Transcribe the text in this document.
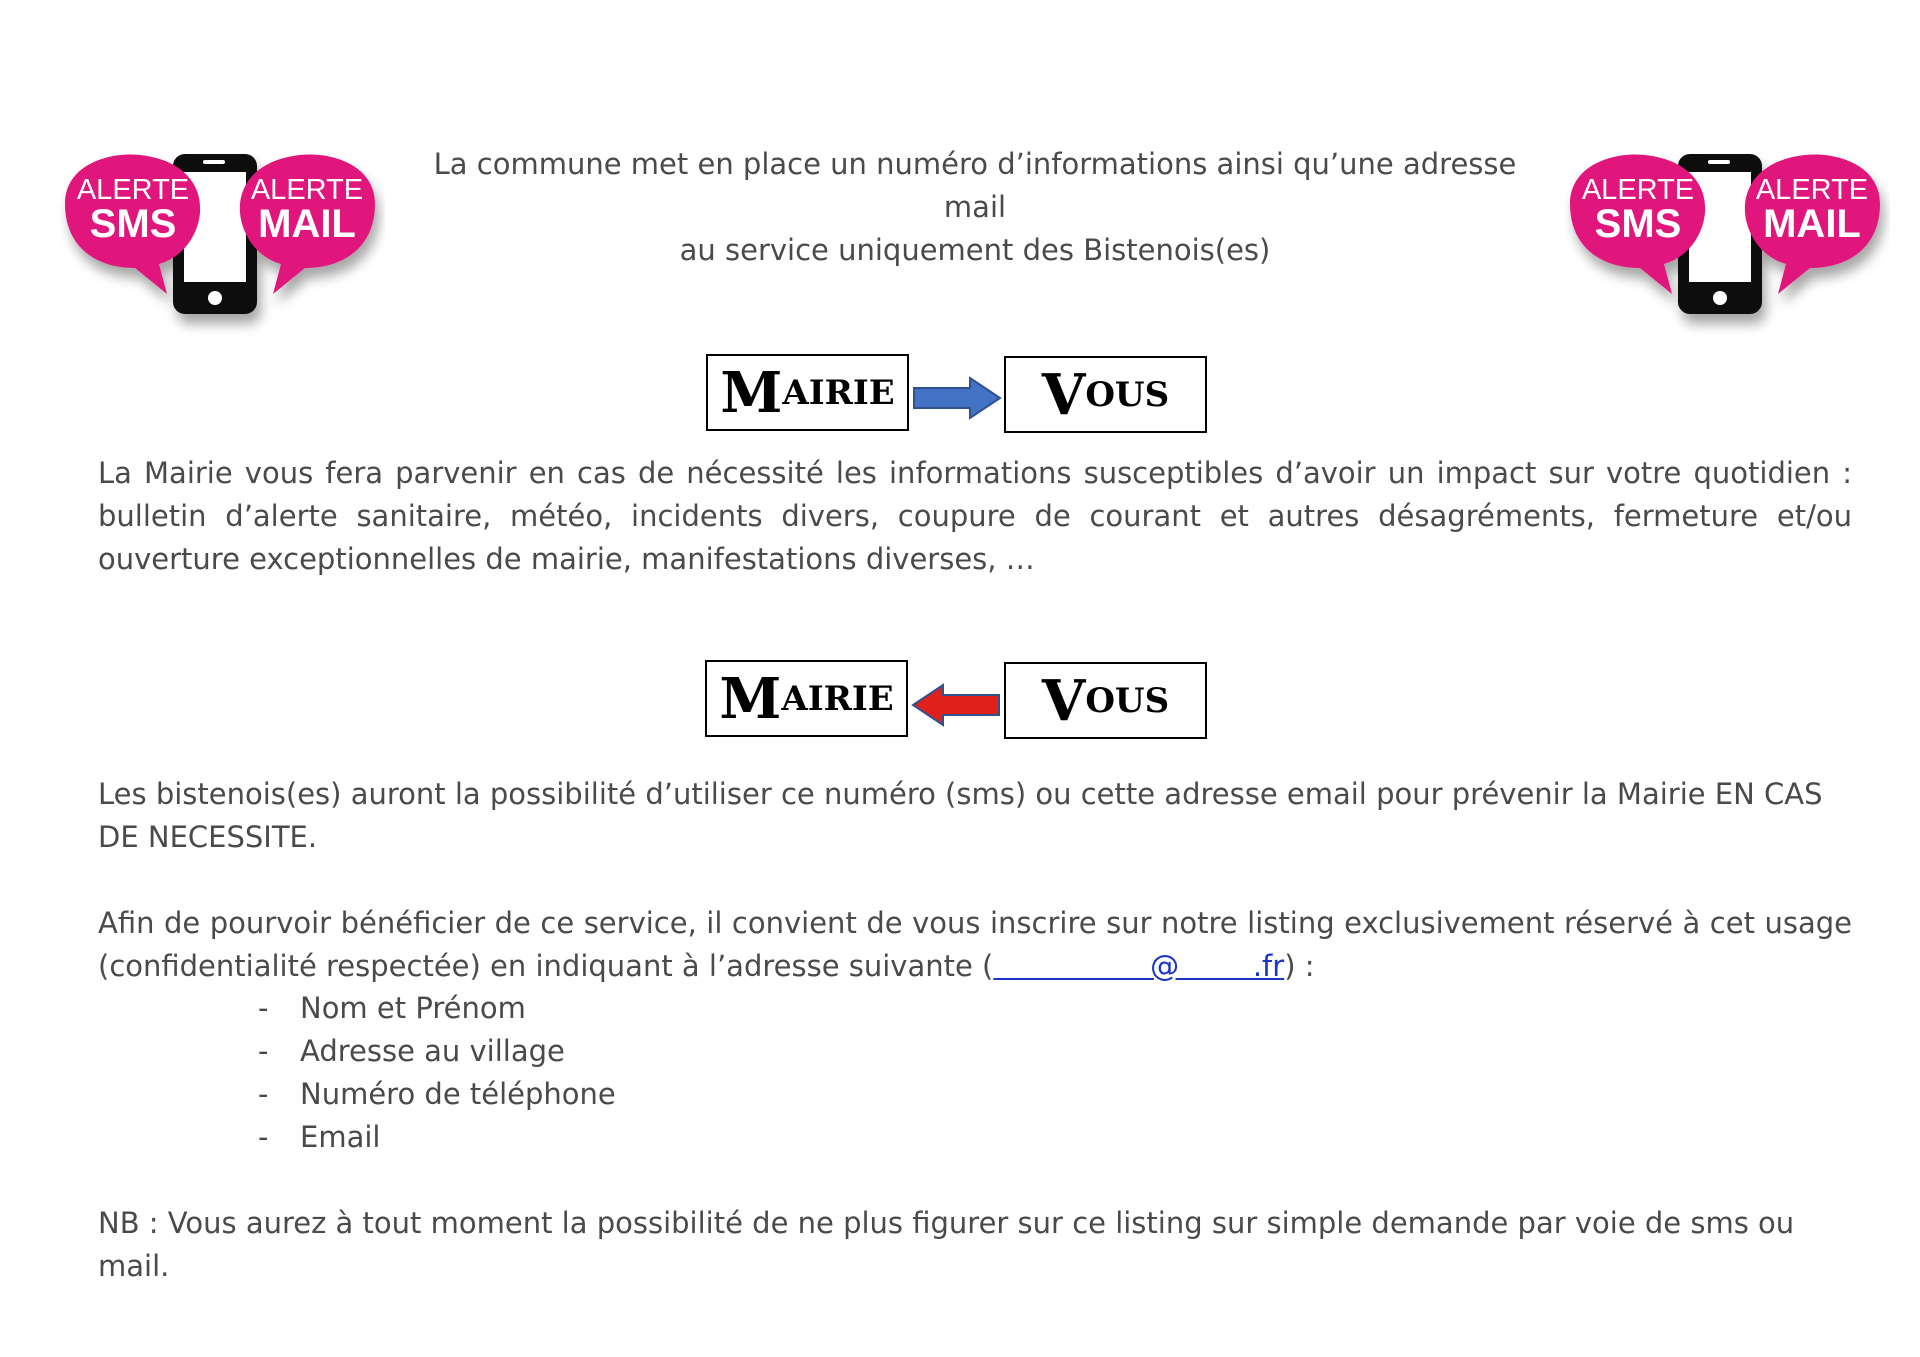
ALERTE
SMS
ALERTE
MAIL
ALERTE
SMS
ALERTE
MAIL
La commune met en place un numéro d’informations ainsi qu’une adresse mail
au service uniquement des Bistenois(es)
M AIRIE	V OUS
La Mairie vous fera parvenir en cas de nécessité les informations susceptibles d’avoir un impact sur votre quotidien : bulletin d’alerte sanitaire, météo, incidents divers, coupure de courant et autres désagréments, fermeture et/ou ouverture exceptionnelles de mairie, manifestations diverses, …
M AIRIE	V OUS
Les bistenois(es) auront la possibilité d’utiliser ce numéro (sms) ou cette adresse email pour prévenir la Mairie EN CAS DE NECESSITE.
Afin de pourvoir bénéficier de ce service, il convient de vous inscrire sur notre listing exclusivement réservé à cet usage (confidentialité respectée) en indiquant à l’adresse suivante (                 @        .fr) :
-	Nom et Prénom
-	Adresse au village
-	Numéro de téléphone
-	Email
NB : Vous aurez à tout moment la possibilité de ne plus figurer sur ce listing sur simple demande par voie de sms ou mail.
